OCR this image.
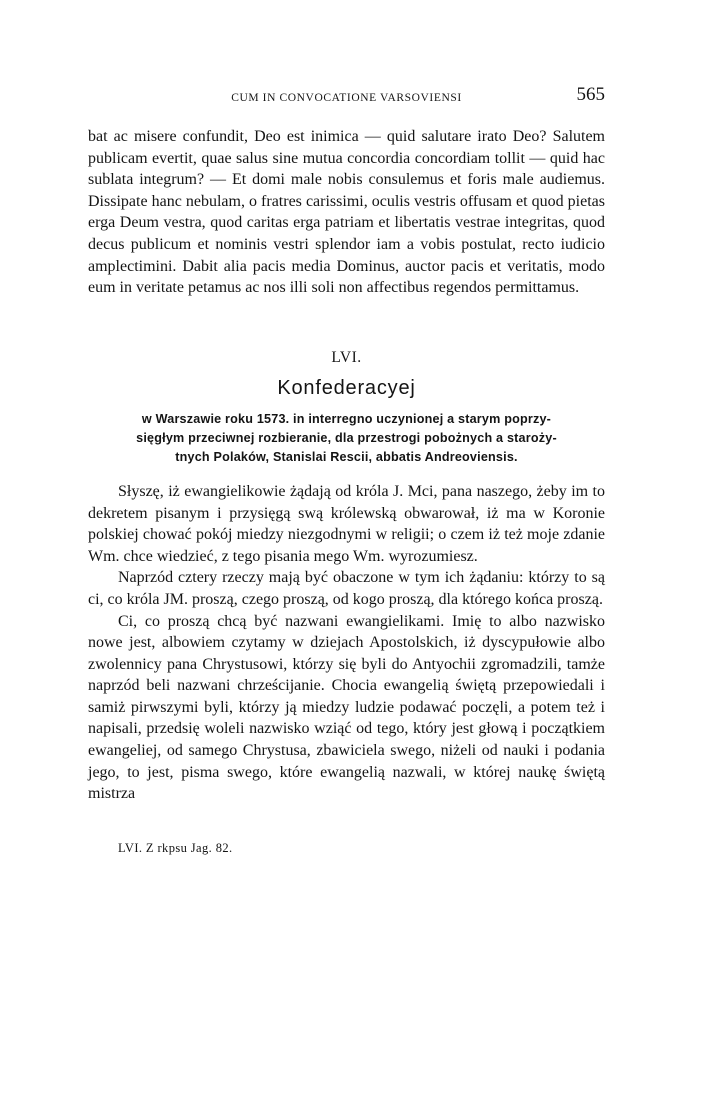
CUM IN CONVOCATIONE VARSOVIENSI	565

bat ac misere confundit, Deo est inimica — quid salutare irato Deo? Salutem publicam evertit, quae salus sine mutua concordia concordiam tollit — quid hac sublata integrum? — Et domi male nobis consulemus et foris male audiemus. Dissipate hanc nebulam, o fratres carissimi, oculis vestris offusam et quod pietas erga Deum vestra, quod caritas erga patriam et libertatis vestrae integritas, quod decus publicum et nominis vestri splendor iam a vobis postulat, recto iudicio amplectimini. Dabit alia pacis media Dominus, auctor pacis et veritatis, modo eum in veritate petamus ac nos illi soli non affectibus regendos permittamus.

LVI.
Konfederacyej
w Warszawie roku 1573. in interregno uczynionej a starym poprzy-
sięgłym przeciwnej rozbieranie, dla przestrogi pobożnych a staroży-
tnych Polaków, Stanislai Rescii, abbatis Andreoviensis.

Słyszę, iż ewangielikowie żądają od króla J. Mci, pana naszego, żeby im to dekretem pisanym i przysięgą swą królewską obwarował, iż ma w Koronie polskiej chować pokój miedzy niezgodnymi w religii; o czem iż też moje zdanie Wm. chce wiedzieć, z tego pisania mego Wm. wyrozumiesz.

Naprzód cztery rzeczy mają być obaczone w tym ich żądaniu: którzy to są ci, co króla JM. proszą, czego proszą, od kogo proszą, dla którego końca proszą.

Ci, co proszą chcą być nazwani ewangielikami. Imię to albo nazwisko nowe jest, albowiem czytamy w dziejach Apostolskich, iż dyscypułowie albo zwolennicy pana Chrystusowi, którzy się byli do Antyochii zgromadzili, tamże naprzód beli nazwani chrześcijanie. Chocia ewangelią świętą przepowiedali i samiż pirwszymi byli, którzy ją miedzy ludzie podawać poczęli, a potem też i napisali, przedsię woleli nazwisko wziąć od tego, który jest głową i początkiem ewangeliej, od samego Chrystusa, zbawiciela swego, niżeli od nauki i podania jego, to jest, pisma swego, które ewangelią nazwali, w której naukę świętą mistrza

LVI. Z rkpsu Jag. 82.
